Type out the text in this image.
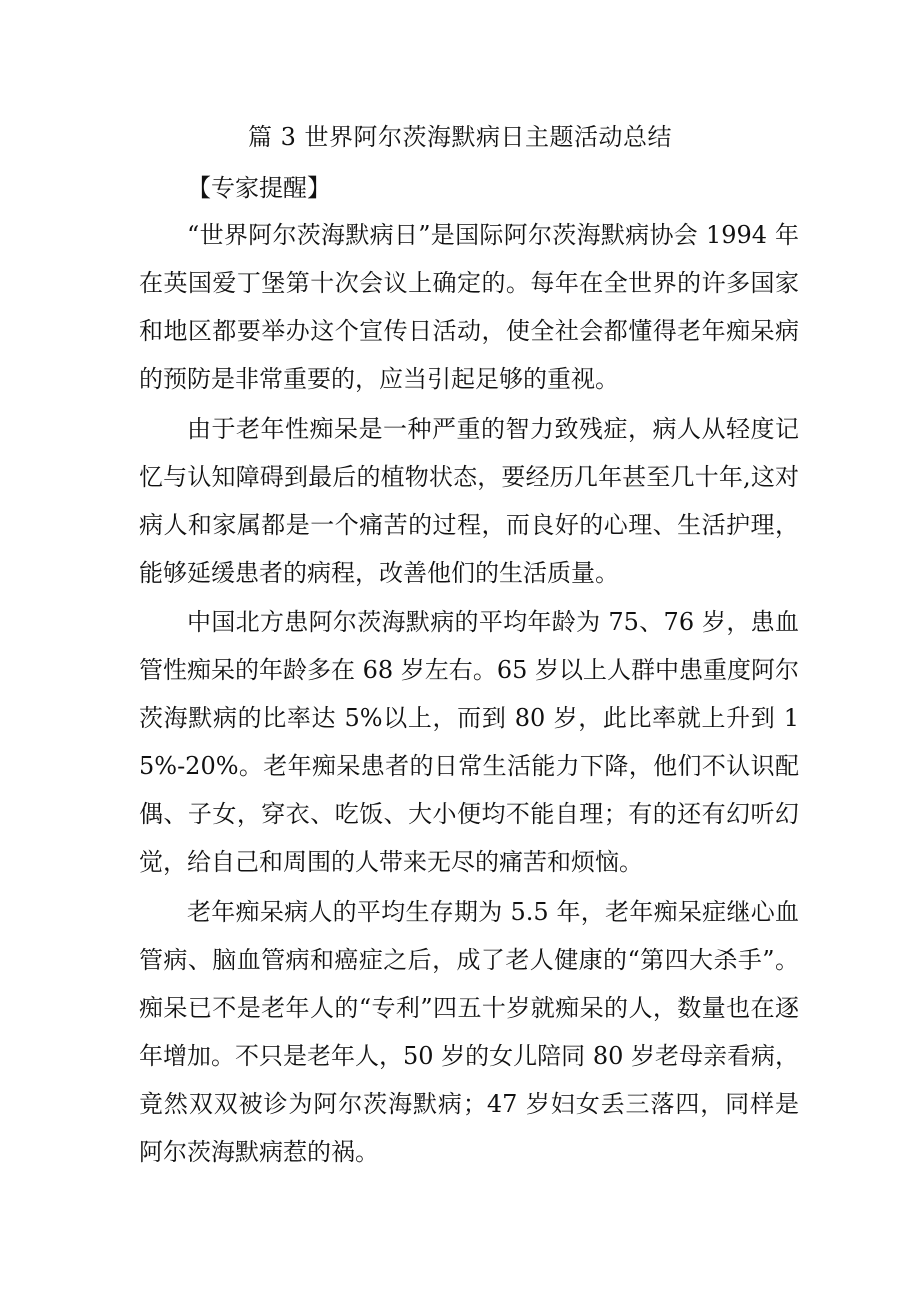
篇 3 世界阿尔茨海默病日主题活动总结
【专家提醒】

“世界阿尔茨海默病日”是国际阿尔茨海默病协会 1994 年在英国爱丁堡第十次会议上确定的。每年在全世界的许多国家和地区都要举办这个宣传日活动，使全社会都懂得老年痴呆病的预防是非常重要的，应当引起足够的重视。

由于老年性痴呆是一种严重的智力致残症，病人从轻度记忆与认知障碍到最后的植物状态，要经历几年甚至几十年,这对病人和家属都是一个痛苦的过程，而良好的心理、生活护理，能够延缓患者的病程，改善他们的生活质量。

中国北方患阿尔茨海默病的平均年龄为 75、76 岁，患血管性痴呆的年龄多在 68 岁左右。65 岁以上人群中患重度阿尔茨海默病的比率达 5%以上，而到 80 岁，此比率就上升到 15%-20%。老年痴呆患者的日常生活能力下降，他们不认识配偶、子女，穿衣、吃饭、大小便均不能自理；有的还有幻听幻觉，给自己和周围的人带来无尽的痛苦和烦恼。

老年痴呆病人的平均生存期为 5.5 年，老年痴呆症继心血管病、脑血管病和癌症之后，成了老人健康的“第四大杀手”。痴呆已不是老年人的“专利”四五十岁就痴呆的人，数量也在逐年增加。不只是老年人，50 岁的女儿陪同 80 岁老母亲看病，竟然双双被诊为阿尔茨海默病；47 岁妇女丢三落四，同样是阿尔茨海默病惹的祸。
